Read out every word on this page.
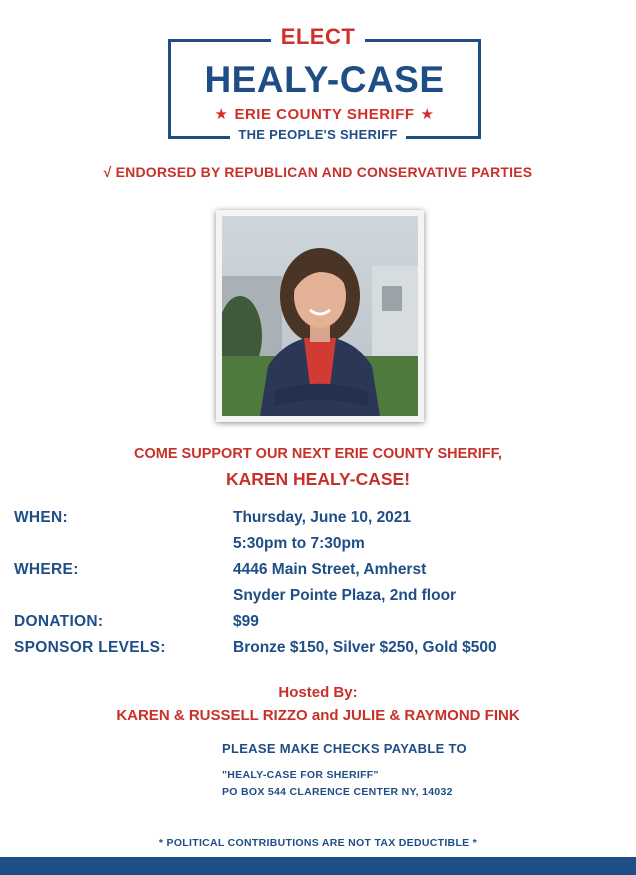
ELECT
HEALY-CASE
★ ERIE COUNTY SHERIFF ★
THE PEOPLE'S SHERIFF
√ ENDORSED BY REPUBLICAN AND CONSERVATIVE PARTIES
COME SUPPORT OUR NEXT ERIE COUNTY SHERIFF,
KAREN HEALY-CASE!
WHEN:	Thursday, June 10, 2021
5:30pm to 7:30pm
WHERE:	4446 Main Street, Amherst
Snyder Pointe Plaza, 2nd floor
DONATION:	$99
SPONSOR LEVELS:	Bronze $150, Silver $250, Gold $500
Hosted By:
KAREN & RUSSELL RIZZO and JULIE & RAYMOND FINK
PLEASE MAKE CHECKS PAYABLE TO
"HEALY-CASE FOR SHERIFF"
PO BOX 544 CLARENCE CENTER NY, 14032
* POLITICAL CONTRIBUTIONS ARE NOT TAX DEDUCTIBLE *
